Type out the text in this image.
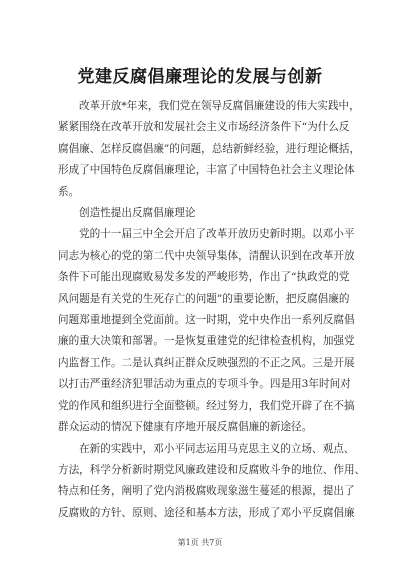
党建反腐倡廉理论的发展与创新
改革开放*年来，我们党在领导反腐倡廉建设的伟大实践中，
紧紧围绕在改革开放和发展社会主义市场经济条件下“为什么反
腐倡廉、怎样反腐倡廉”的问题，总结新鲜经验，进行理论概括，
形成了中国特色反腐倡廉理论，丰富了中国特色社会主义理论体
系。
创造性提出反腐倡廉理论
党的十一届三中全会开启了改革开放历史新时期。以邓小平
同志为核心的党的第二代中央领导集体，清醒认识到在改革开放
条件下可能出现腐败易发多发的严峻形势，作出了“执政党的党
风问题是有关党的生死存亡的问题”的重要论断，把反腐倡廉的
问题郑重地提到全党面前。这一时期，党中央作出一系列反腐倡
廉的重大决策和部署。一是恢复重建党的纪律检查机构，加强党
内监督工作。二是认真纠正群众反映强烈的不正之风。三是开展
以打击严重经济犯罪活动为重点的专项斗争。四是用3年时间对
党的作风和组织进行全面整顿。经过努力，我们党开辟了在不搞
群众运动的情况下健康有序地开展反腐倡廉的新途径。
在新的实践中，邓小平同志运用马克思主义的立场、观点、
方法，科学分析新时期党风廉政建设和反腐败斗争的地位、作用、
特点和任务，阐明了党内消极腐败现象滋生蔓延的根源，提出了
反腐败的方针、原则、途径和基本方法，形成了邓小平反腐倡廉
第1页 共7页
